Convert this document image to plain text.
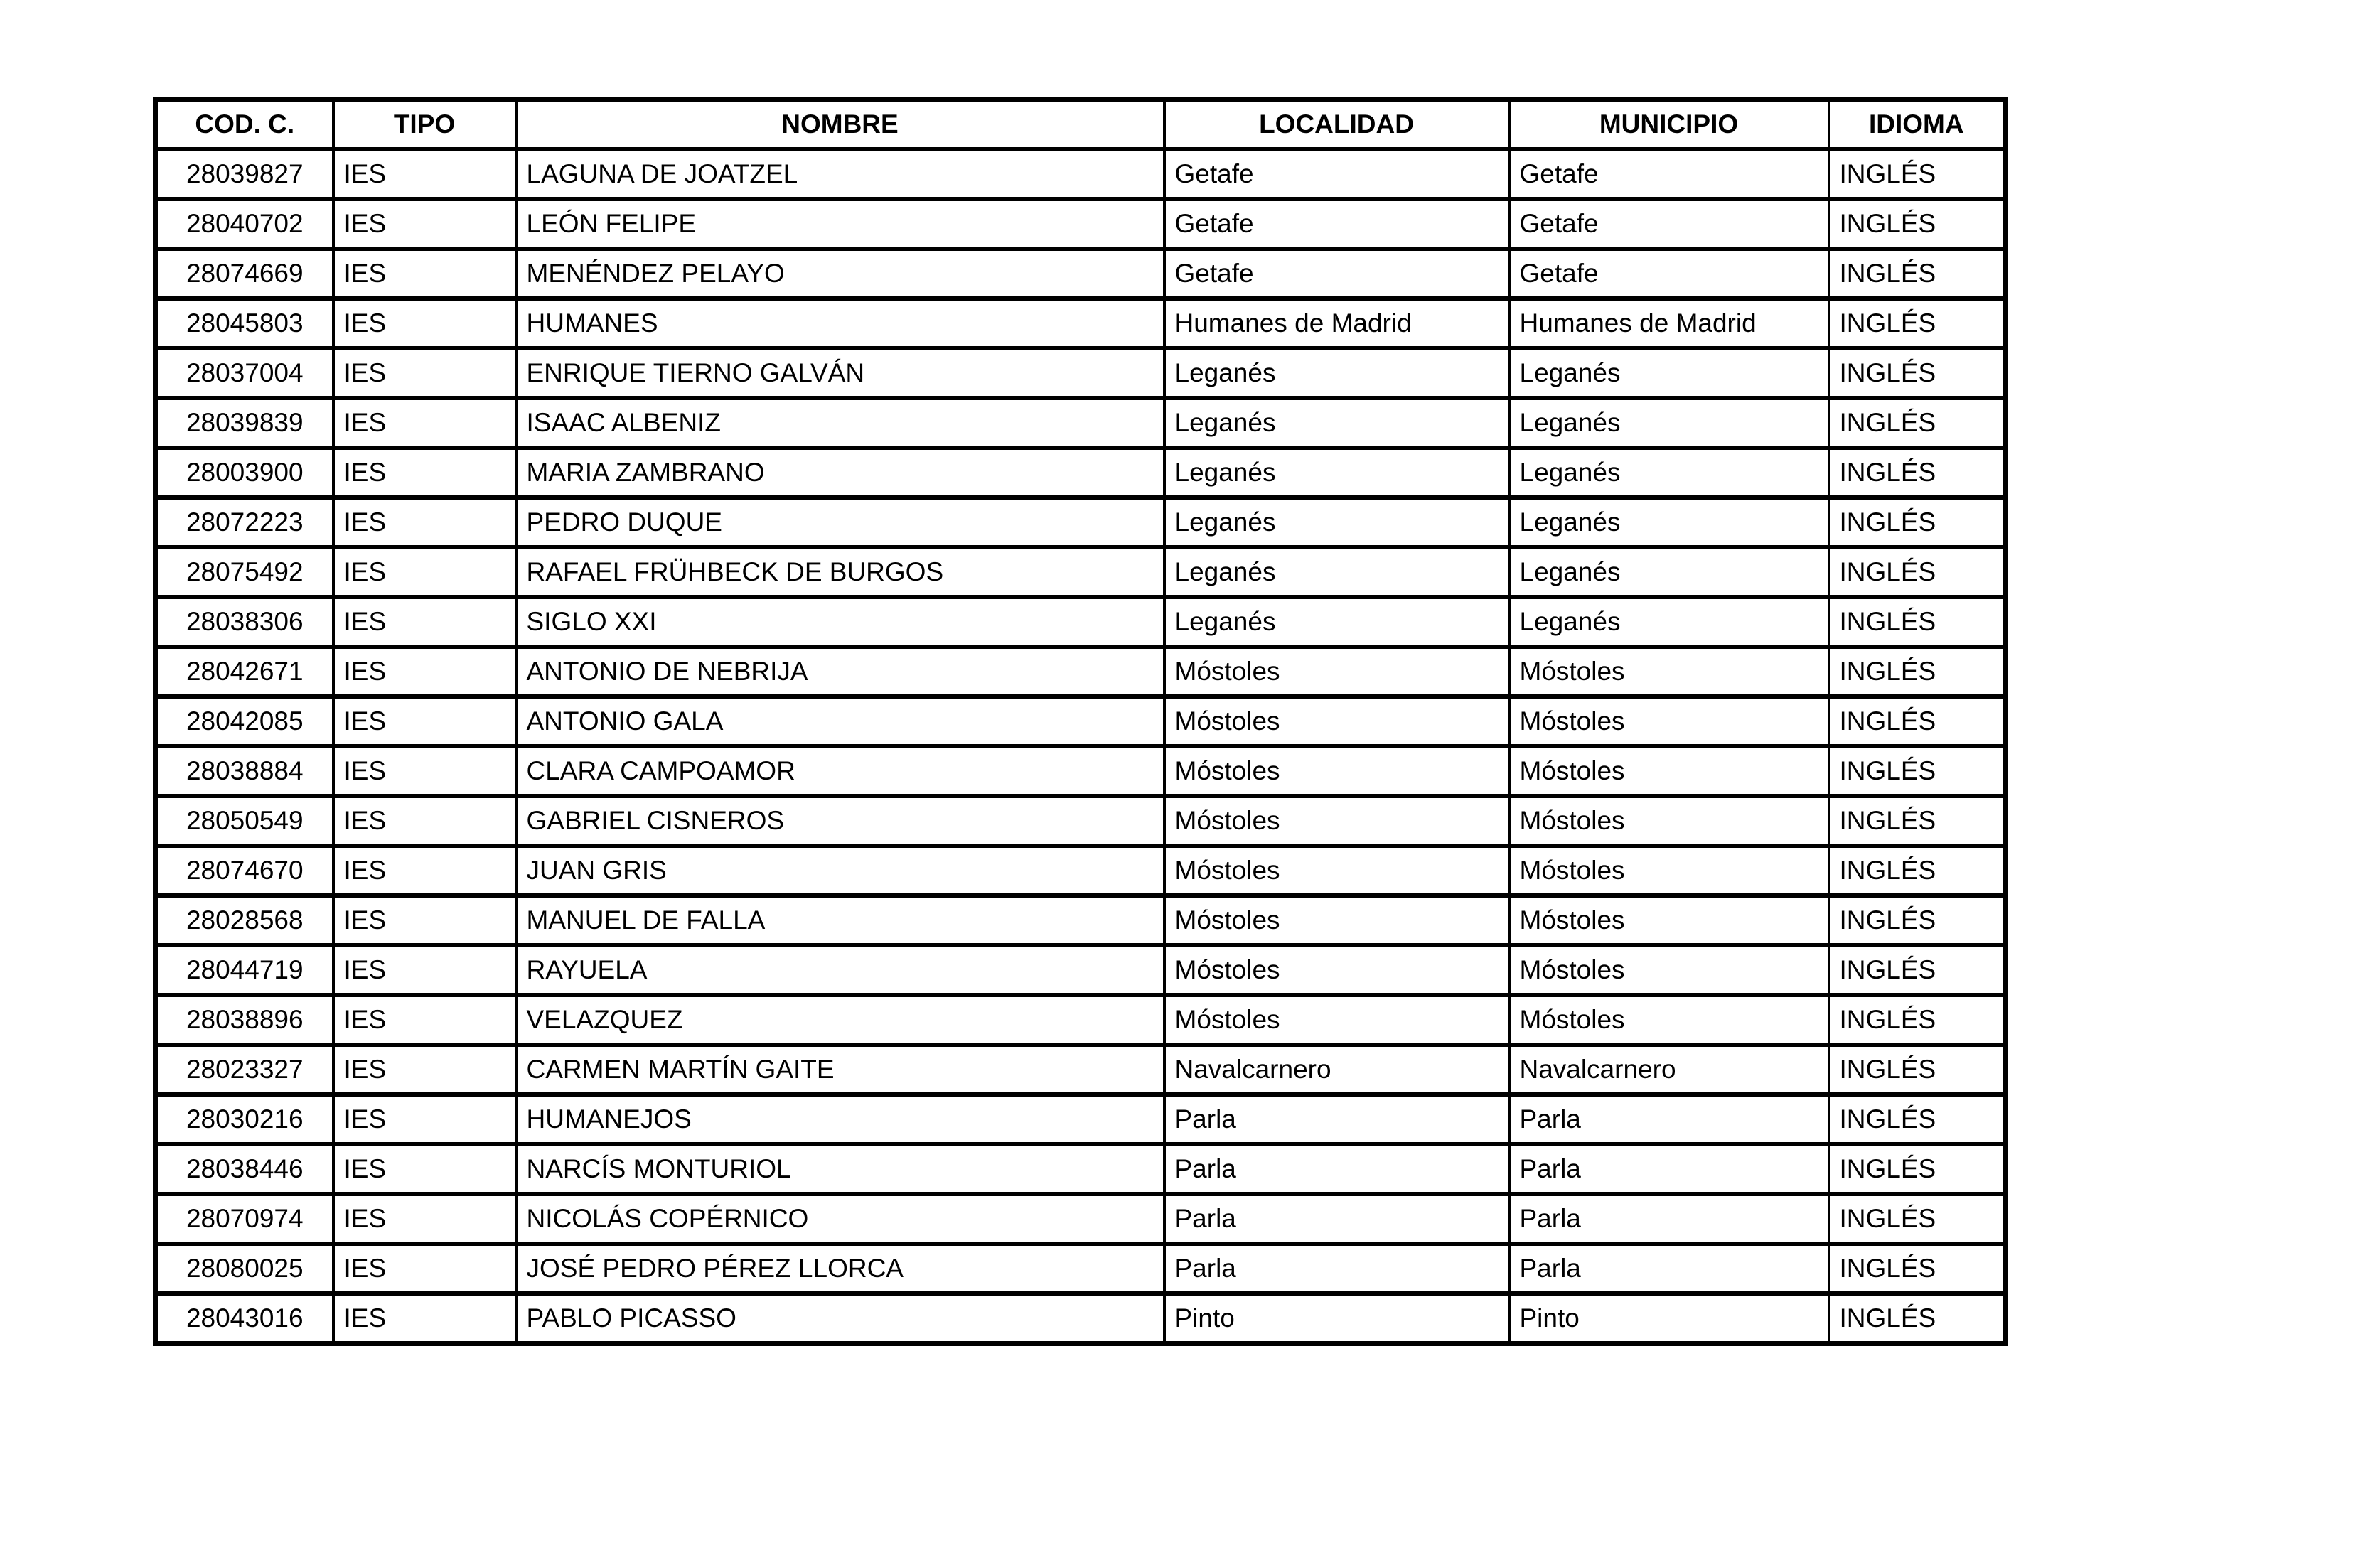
COD. C.	TIPO	NOMBRE	LOCALIDAD	MUNICIPIO	IDIOMA
28039827	IES	LAGUNA DE JOATZEL	Getafe	Getafe	INGLÉS
28040702	IES	LEÓN FELIPE	Getafe	Getafe	INGLÉS
28074669	IES	MENÉNDEZ PELAYO	Getafe	Getafe	INGLÉS
28045803	IES	HUMANES	Humanes de Madrid	Humanes de Madrid	INGLÉS
28037004	IES	ENRIQUE TIERNO GALVÁN	Leganés	Leganés	INGLÉS
28039839	IES	ISAAC ALBENIZ	Leganés	Leganés	INGLÉS
28003900	IES	MARIA ZAMBRANO	Leganés	Leganés	INGLÉS
28072223	IES	PEDRO DUQUE	Leganés	Leganés	INGLÉS
28075492	IES	RAFAEL FRÜHBECK DE BURGOS	Leganés	Leganés	INGLÉS
28038306	IES	SIGLO XXI	Leganés	Leganés	INGLÉS
28042671	IES	ANTONIO DE NEBRIJA	Móstoles	Móstoles	INGLÉS
28042085	IES	ANTONIO GALA	Móstoles	Móstoles	INGLÉS
28038884	IES	CLARA CAMPOAMOR	Móstoles	Móstoles	INGLÉS
28050549	IES	GABRIEL CISNEROS	Móstoles	Móstoles	INGLÉS
28074670	IES	JUAN GRIS	Móstoles	Móstoles	INGLÉS
28028568	IES	MANUEL DE FALLA	Móstoles	Móstoles	INGLÉS
28044719	IES	RAYUELA	Móstoles	Móstoles	INGLÉS
28038896	IES	VELAZQUEZ	Móstoles	Móstoles	INGLÉS
28023327	IES	CARMEN MARTÍN GAITE	Navalcarnero	Navalcarnero	INGLÉS
28030216	IES	HUMANEJOS	Parla	Parla	INGLÉS
28038446	IES	NARCÍS MONTURIOL	Parla	Parla	INGLÉS
28070974	IES	NICOLÁS COPÉRNICO	Parla	Parla	INGLÉS
28080025	IES	JOSÉ PEDRO PÉREZ LLORCA	Parla	Parla	INGLÉS
28043016	IES	PABLO PICASSO	Pinto	Pinto	INGLÉS
